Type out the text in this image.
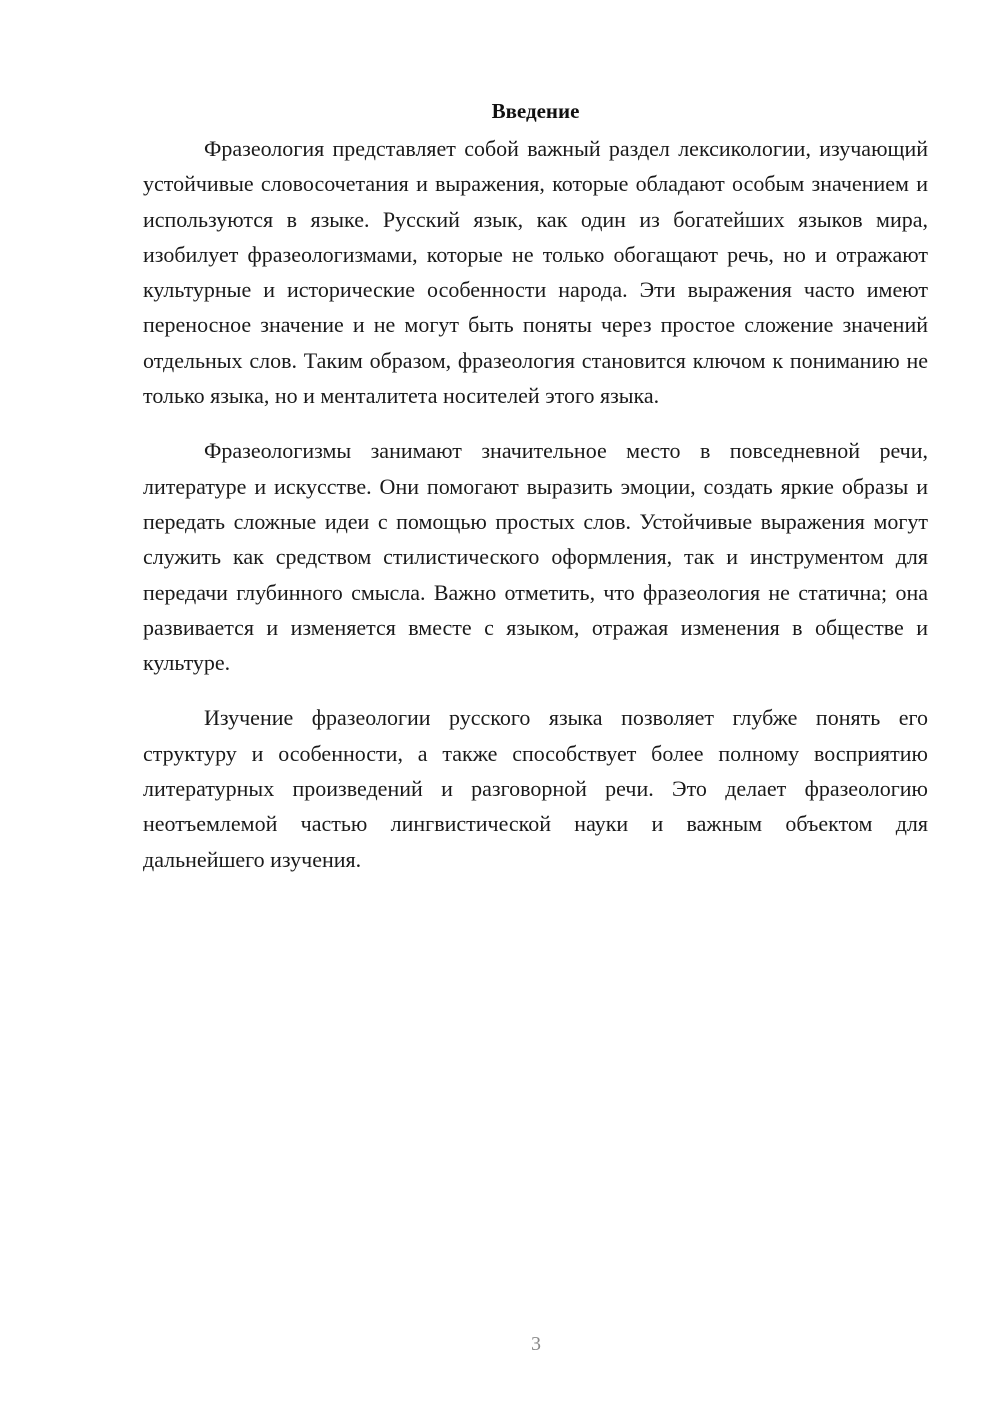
Введение

Фразеология представляет собой важный раздел лексикологии, изучающий устойчивые словосочетания и выражения, которые обладают особым значением и используются в языке. Русский язык, как один из богатейших языков мира, изобилует фразеологизмами, которые не только обогащают речь, но и отражают культурные и исторические особенности народа. Эти выражения часто имеют переносное значение и не могут быть поняты через простое сложение значений отдельных слов. Таким образом, фразеология становится ключом к пониманию не только языка, но и менталитета носителей этого языка.

Фразеологизмы занимают значительное место в повседневной речи, литературе и искусстве. Они помогают выразить эмоции, создать яркие образы и передать сложные идеи с помощью простых слов. Устойчивые выражения могут служить как средством стилистического оформления, так и инструментом для передачи глубинного смысла. Важно отметить, что фразеология не статична; она развивается и изменяется вместе с языком, отражая изменения в обществе и культуре.

Изучение фразеологии русского языка позволяет глубже понять его структуру и особенности, а также способствует более полному восприятию литературных произведений и разговорной речи. Это делает фразеологию неотъемлемой частью лингвистической науки и важным объектом для дальнейшего изучения.

3
